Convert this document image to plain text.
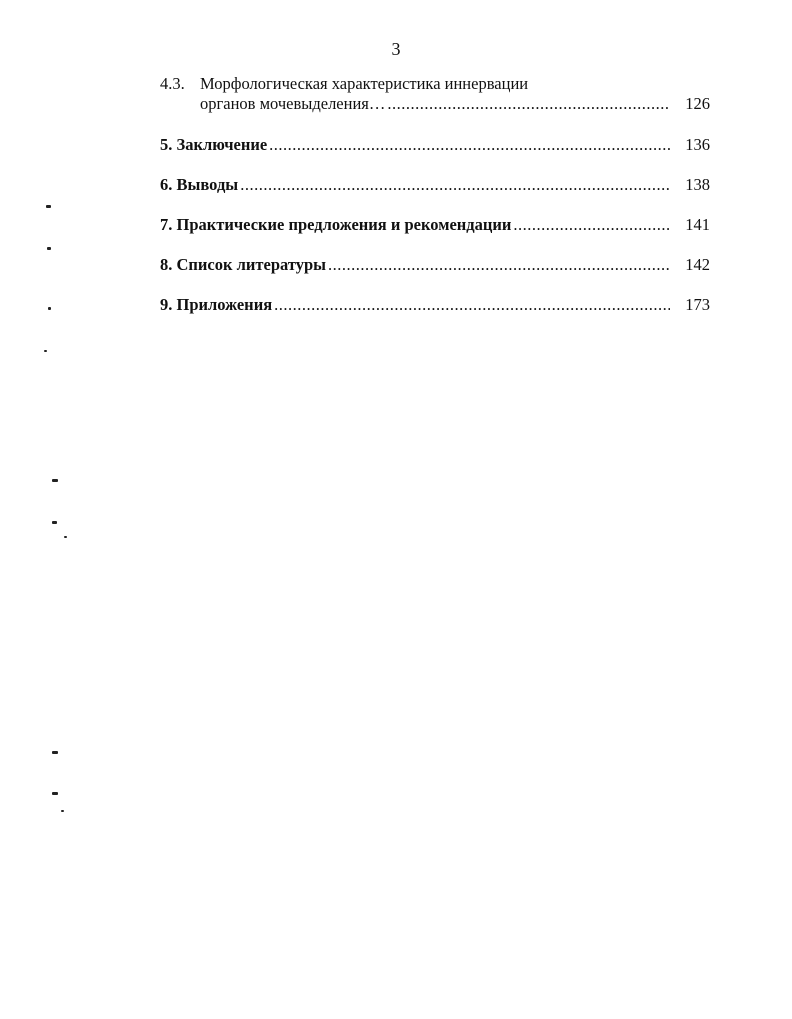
3
4.3. Морфологическая характеристика иннервации
органов мочевыделения… .....	126
5.
Заключение .....	136
6.
Выводы .....	138
7.
Практические предложения и рекомендации .....	141
8.
Список литературы .....	142
9.
Приложения .....	173
